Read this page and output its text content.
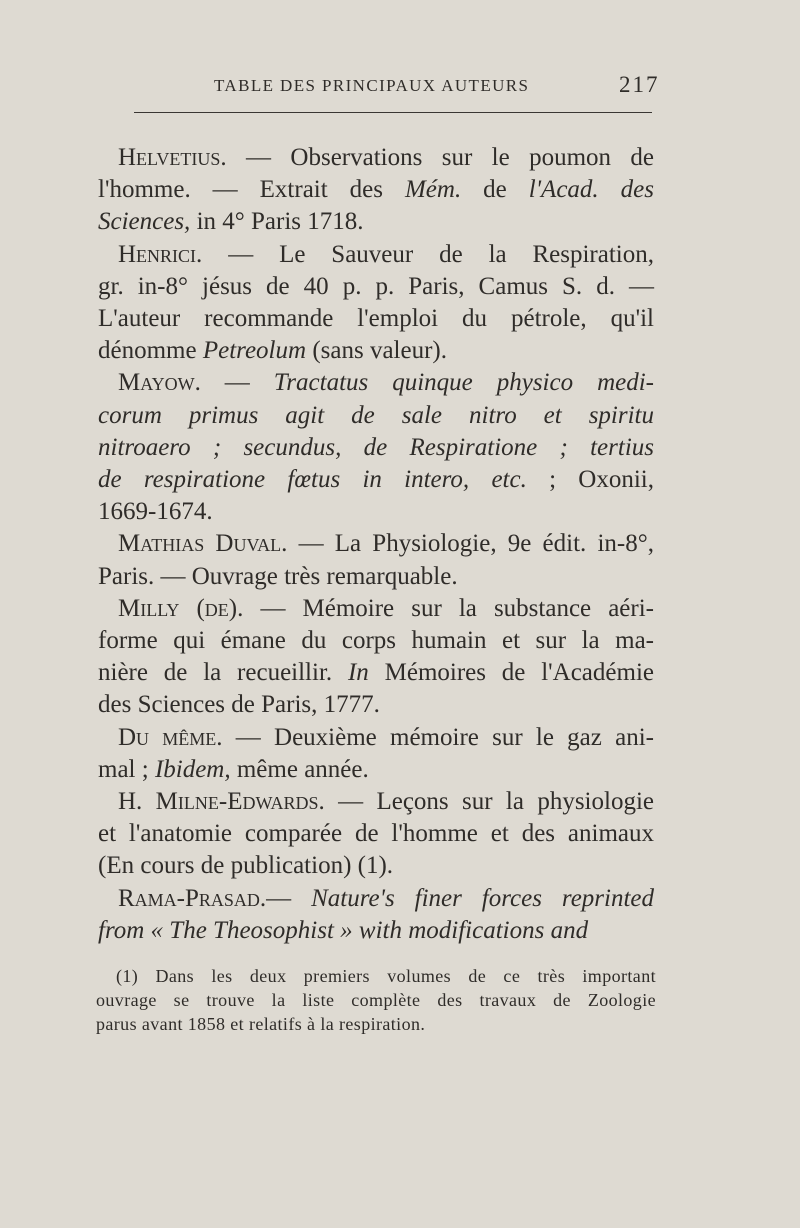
TABLE DES PRINCIPAUX AUTEURS	217
Helvetius. — Observations sur le poumon de
l'homme. — Extrait des Mém. de l'Acad. des
Sciences, in 4° Paris 1718.
Henrici. — Le Sauveur de la Respiration,
gr. in-8° jésus de 40 p. p. Paris, Camus S. d. —
L'auteur recommande l'emploi du pétrole, qu'il
dénomme Petreolum (sans valeur).
Mayow. — Tractatus quinque physico medi-
corum primus agit de sale nitro et spiritu
nitroaero ; secundus, de Respiratione ; tertius
de respiratione fœtus in intero, etc. ; Oxonii,
1669-1674.
Mathias Duval. — La Physiologie, 9e édit. in-8°,
Paris. — Ouvrage très remarquable.
Milly (de). — Mémoire sur la substance aéri-
forme qui émane du corps humain et sur la ma-
nière de la recueillir. In Mémoires de l'Académie
des Sciences de Paris, 1777.
Du même. — Deuxième mémoire sur le gaz ani-
mal ; Ibidem, même année.
H. Milne-Edwards. — Leçons sur la physiologie
et l'anatomie comparée de l'homme et des animaux
(En cours de publication) (1).
Rama-Prasad.— Nature's finer forces reprinted
from « The Theosophist » with modifications and

(1) Dans les deux premiers volumes de ce très important
ouvrage se trouve la liste complète des travaux de Zoologie
parus avant 1858 et relatifs à la respiration.
